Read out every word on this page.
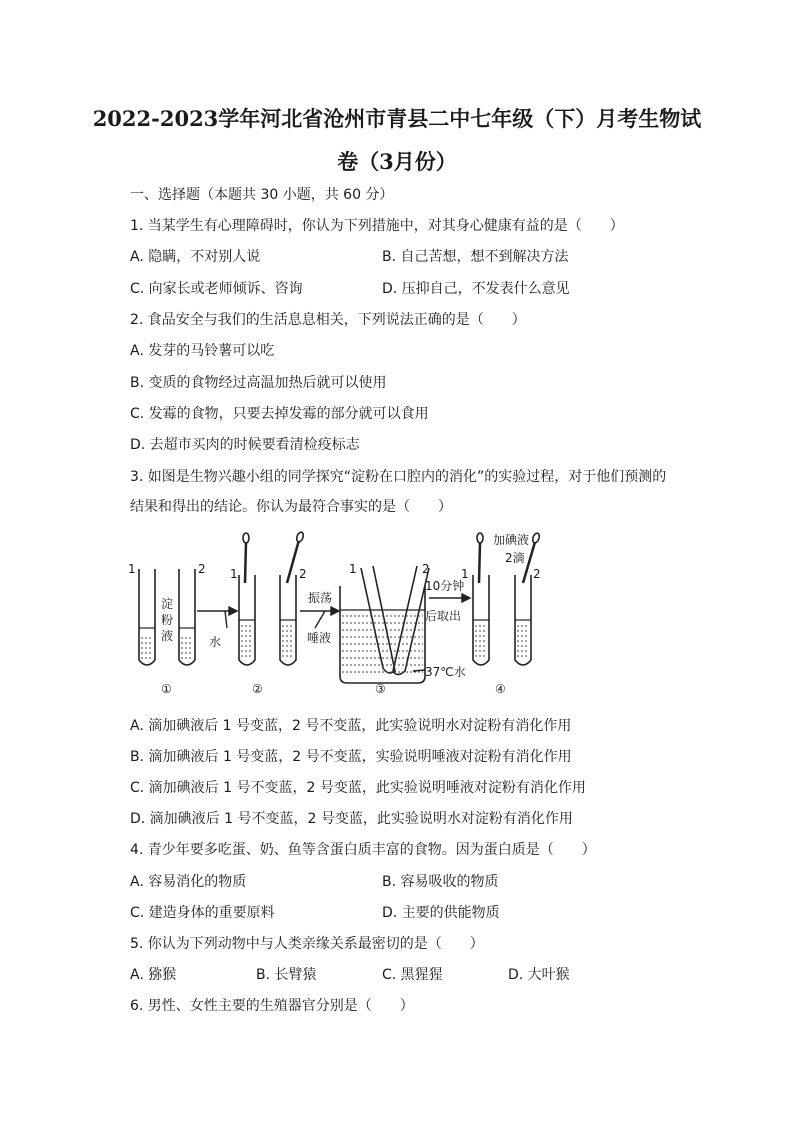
2022-2023学年河北省沧州市青县二中七年级（下）月考生物试
卷（3月份）
一、选择题（本题共 30 小题，共 60 分）
1. 当某学生有心理障碍时，你认为下列措施中，对其身心健康有益的是（　　）
A. 隐瞒，不对别人说	B. 自己苦想，想不到解决方法
C. 向家长或老师倾诉、咨询	D. 压抑自己，不发表什么意见
2. 食品安全与我们的生活息息相关，下列说法正确的是（　　）
A. 发芽的马铃薯可以吃
B. 变质的食物经过高温加热后就可以使用
C. 发霉的食物，只要去掉发霉的部分就可以食用
D. 去超市买肉的时候要看清检疫标志
3. 如图是生物兴趣小组的同学探究“淀粉在口腔内的消化”的实验过程，对于他们预测的
结果和得出的结论。你认为最符合事实的是（　　）
1	2
淀
粉
液	水
1	2
振荡
唾液
1	2
10分钟
后取出
37℃水
加碘液
2滴
1	2
①	②	③	④
A. 滴加碘液后 1 号变蓝，2 号不变蓝，此实验说明水对淀粉有消化作用
B. 滴加碘液后 1 号变蓝，2 号不变蓝，实验说明唾液对淀粉有消化作用
C. 滴加碘液后 1 号不变蓝，2 号变蓝，此实验说明唾液对淀粉有消化作用
D. 滴加碘液后 1 号不变蓝，2 号变蓝，此实验说明水对淀粉有消化作用
4. 青少年要多吃蛋、奶、鱼等含蛋白质丰富的食物。因为蛋白质是（　　）
A. 容易消化的物质	B. 容易吸收的物质
C. 建造身体的重要原料	D. 主要的供能物质
5. 你认为下列动物中与人类亲缘关系最密切的是（　　）
A. 猕猴	B. 长臂猿	C. 黑猩猩	D. 大叶猴
6. 男性、女性主要的生殖器官分别是（　　）
